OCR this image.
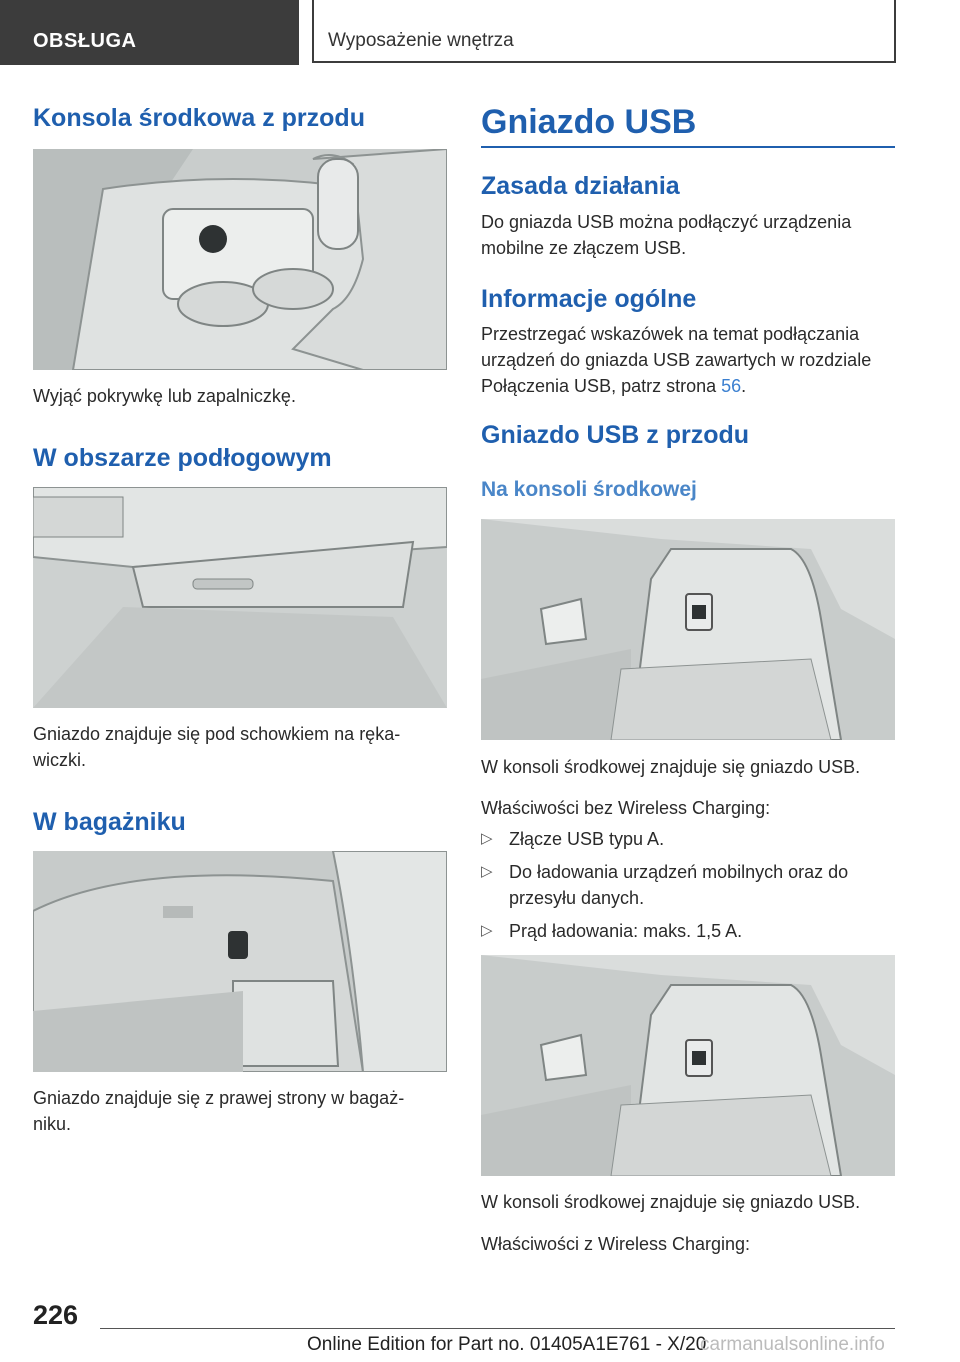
OBSŁUGA	Wyposażenie wnętrza
Konsola środkowa z przodu

Wyjąć pokrywkę lub zapalniczkę.

W obszarze podłogowym

Gniazdo znajduje się pod schowkiem na ręka-

wiczki.

W bagażniku

Gniazdo znajduje się z prawej strony w bagaż-

niku.

Gniazdo USB
Zasada działania

Do gniazda USB można podłączyć urządzenia

mobilne ze złączem USB.

Informacje ogólne

Przestrzegać wskazówek na temat podłączania

urządzeń do gniazda USB zawartych w rozdziale

Połączenia USB, patrz strona 56.

Gniazdo USB z przodu
Na konsoli środkowej

W konsoli środkowej znajduje się gniazdo USB.

Właściwości bez Wireless Charging:

▷ Złącze USB typu A.
▷ Do ładowania urządzeń mobilnych oraz do
przesyłu danych.
▷ Prąd ładowania: maks. 1,5 A.

W konsoli środkowej znajduje się gniazdo USB.

Właściwości z Wireless Charging:

226
Online Edition for Part no. 01405A1E761 - X/20
carmanualsonline.info
